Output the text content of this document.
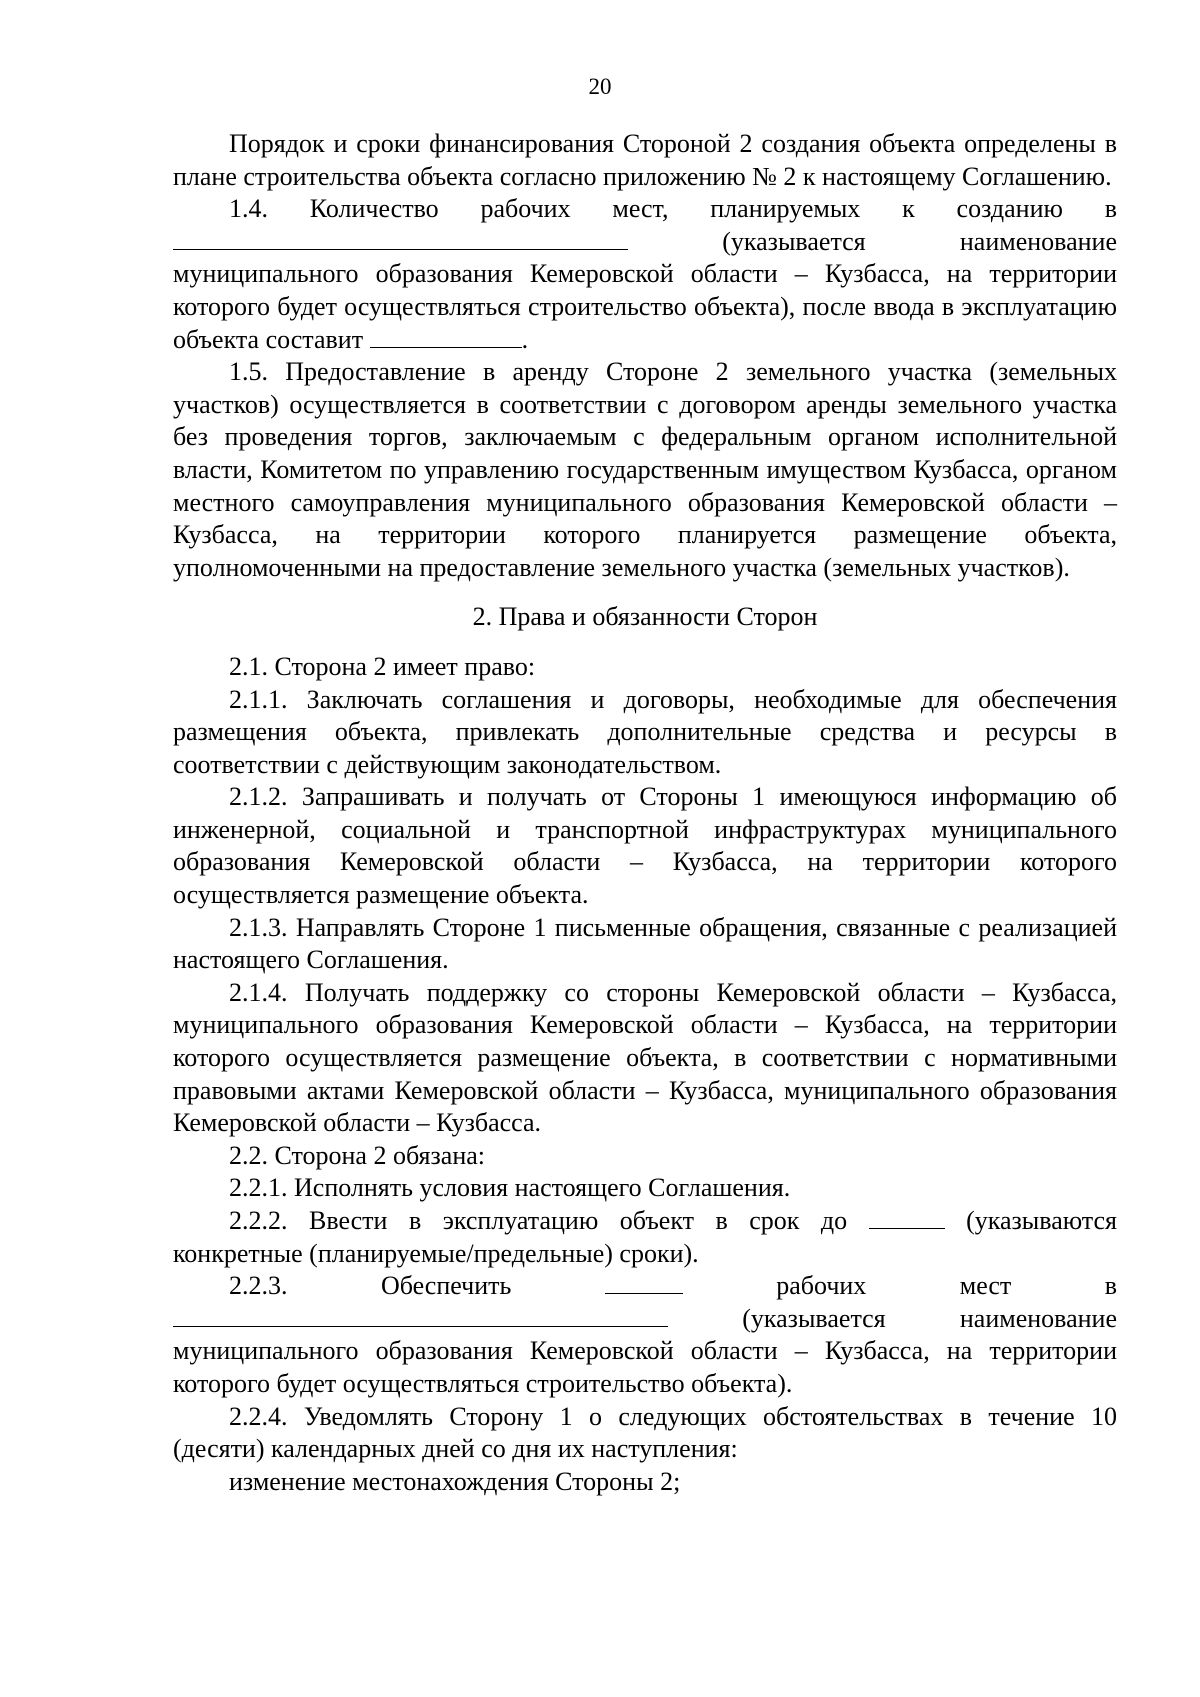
20

Порядок и сроки финансирования Стороной 2 создания объекта определены в плане строительства объекта согласно приложению № 2 к настоящему Соглашению.

1.4. Количество рабочих мест, планируемых к созданию в

(указывается наименование

муниципального образования Кемеровской области – Кузбасса, на территории которого будет осуществляться строительство объекта), после ввода в эксплуатацию объекта составит	.

1.5. Предоставление в аренду Стороне 2 земельного участка (земельных участков) осуществляется в соответствии с договором аренды земельного участка без проведения торгов, заключаемым с федеральным органом исполнительной власти, Комитетом по управлению государственным имуществом Кузбасса, органом местного самоуправления муниципального образования Кемеровской области – Кузбасса, на территории которого планируется размещение объекта, уполномоченными на предоставление земельного участка (земельных участков).

2. Права и обязанности Сторон

2.1. Сторона 2 имеет право:

2.1.1. Заключать соглашения и договоры, необходимые для обеспечения размещения объекта, привлекать дополнительные средства и ресурсы в соответствии с действующим законодательством.

2.1.2. Запрашивать и получать от Стороны 1 имеющуюся информацию об инженерной, социальной и транспортной инфраструктурах муниципального образования Кемеровской области – Кузбасса, на территории которого осуществляется размещение объекта.

2.1.3. Направлять Стороне 1 письменные обращения, связанные с реализацией настоящего Соглашения.

2.1.4. Получать поддержку со стороны Кемеровской области – Кузбасса, муниципального образования Кемеровской области – Кузбасса, на территории которого осуществляется размещение объекта, в соответствии с нормативными правовыми актами Кемеровской области – Кузбасса, муниципального образования Кемеровской области – Кузбасса.

2.2. Сторона 2 обязана:

2.2.1. Исполнять условия настоящего Соглашения.

2.2.2. Ввести в эксплуатацию объект в срок до	(указываются конкретные (планируемые/предельные) сроки).

2.2.3. Обеспечить	рабочих мест в

(указывается наименование

муниципального образования Кемеровской области – Кузбасса, на территории которого будет осуществляться строительство объекта).

2.2.4. Уведомлять Сторону 1 о следующих обстоятельствах в течение 10 (десяти) календарных дней со дня их наступления:

изменение местонахождения Стороны 2;
